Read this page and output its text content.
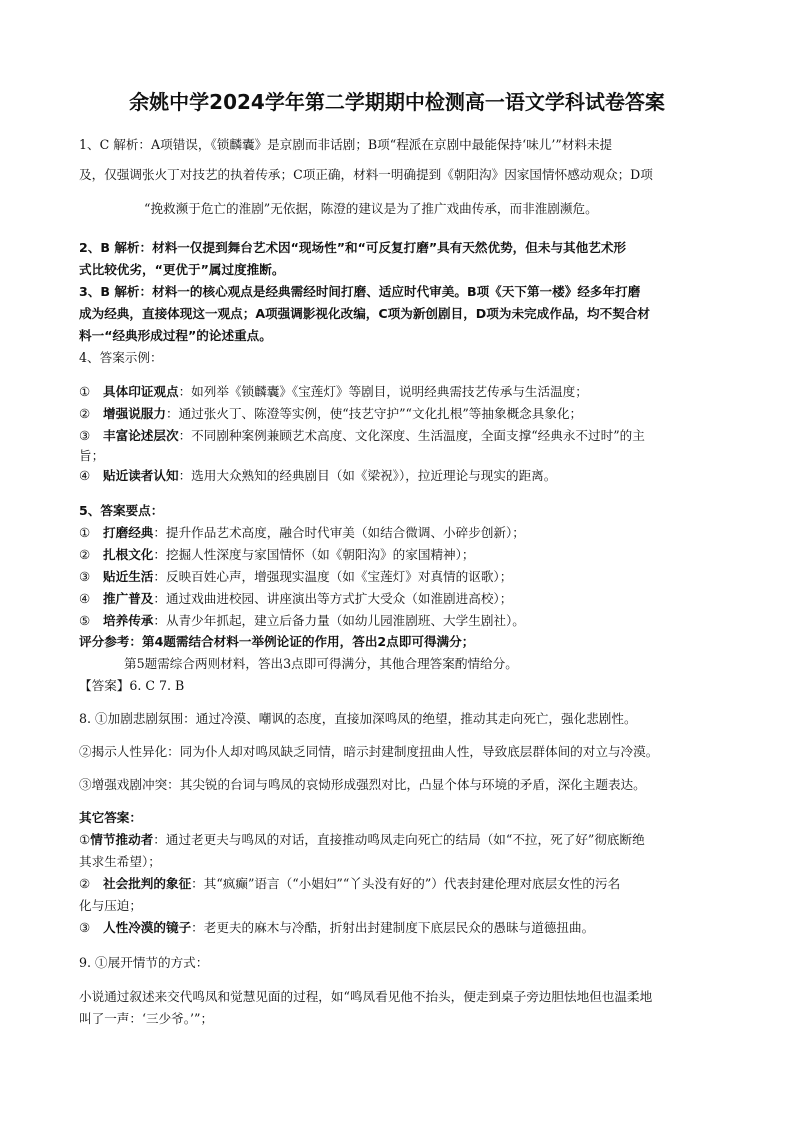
余姚中学2024学年第二学期期中检测高一语文学科试卷答案
1、C 解析：A项错误，《锁麟囊》是京剧而非话剧；B项“程派在京剧中最能保持‘味儿’”材料未提
及，仅强调张火丁对技艺的执着传承；C项正确，材料一明确提到《朝阳沟》因家国情怀感动观众；D项
“挽救濒于危亡的淮剧”无依据，陈澄的建议是为了推广戏曲传承，而非淮剧濒危。
2、B 解析：材料一仅提到舞台艺术因“现场性”和“可反复打磨”具有天然优势，但未与其他艺术形
式比较优劣，“更优于”属过度推断。
3、B 解析：材料一的核心观点是经典需经时间打磨、适应时代审美。B项《天下第一楼》经多年打磨
成为经典，直接体现这一观点；A项强调影视化改编，C项为新创剧目，D项为未完成作品，均不契合材
料一“经典形成过程”的论述重点。
4、答案示例：
① 具体印证观点：如列举《锁麟囊》《宝莲灯》等剧目，说明经典需技艺传承与生活温度；
② 增强说服力：通过张火丁、陈澄等实例，使“技艺守护”“文化扎根”等抽象概念具象化；
③ 丰富论述层次：不同剧种案例兼顾艺术高度、文化深度、生活温度，全面支撑“经典永不过时”的主
旨；
④ 贴近读者认知：选用大众熟知的经典剧目（如《梁祝》），拉近理论与现实的距离。
5、答案要点：
① 打磨经典：提升作品艺术高度，融合时代审美（如结合微调、小碎步创新）；
② 扎根文化：挖掘人性深度与家国情怀（如《朝阳沟》的家国精神）；
③ 贴近生活：反映百姓心声，增强现实温度（如《宝莲灯》对真情的讴歌）；
④ 推广普及：通过戏曲进校园、讲座演出等方式扩大受众（如淮剧进高校）；
⑤ 培养传承：从青少年抓起，建立后备力量（如幼儿园淮剧班、大学生剧社）。
评分参考：第4题需结合材料一举例论证的作用，答出2点即可得满分；
第5题需综合两则材料，答出3点即可得满分，其他合理答案酌情给分。
【答案】6. C 7. B
8. ①加剧悲剧氛围：通过冷漠、嘲讽的态度，直接加深鸣凤的绝望，推动其走向死亡，强化悲剧性。
②揭示人性异化：同为仆人却对鸣凤缺乏同情，暗示封建制度扭曲人性，导致底层群体间的对立与冷漠。
③增强戏剧冲突：其尖锐的台词与鸣凤的哀恸形成强烈对比，凸显个体与环境的矛盾，深化主题表达。
其它答案：
①情节推动者：通过老更夫与鸣凤的对话，直接推动鸣凤走向死亡的结局（如“不拉，死了好”彻底断绝
其求生希望）；
② 社会批判的象征：其“疯癫”语言（“小娼妇”“丫头没有好的”）代表封建伦理对底层女性的污名
化与压迫；
③ 人性冷漠的镜子：老更夫的麻木与冷酷，折射出封建制度下底层民众的愚昧与道德扭曲。
9. ①展开情节的方式：
小说通过叙述来交代鸣凤和觉慧见面的过程，如“鸣凤看见他不抬头，便走到桌子旁边胆怯地但也温柔地
叫了一声：‘三少爷。’”；
